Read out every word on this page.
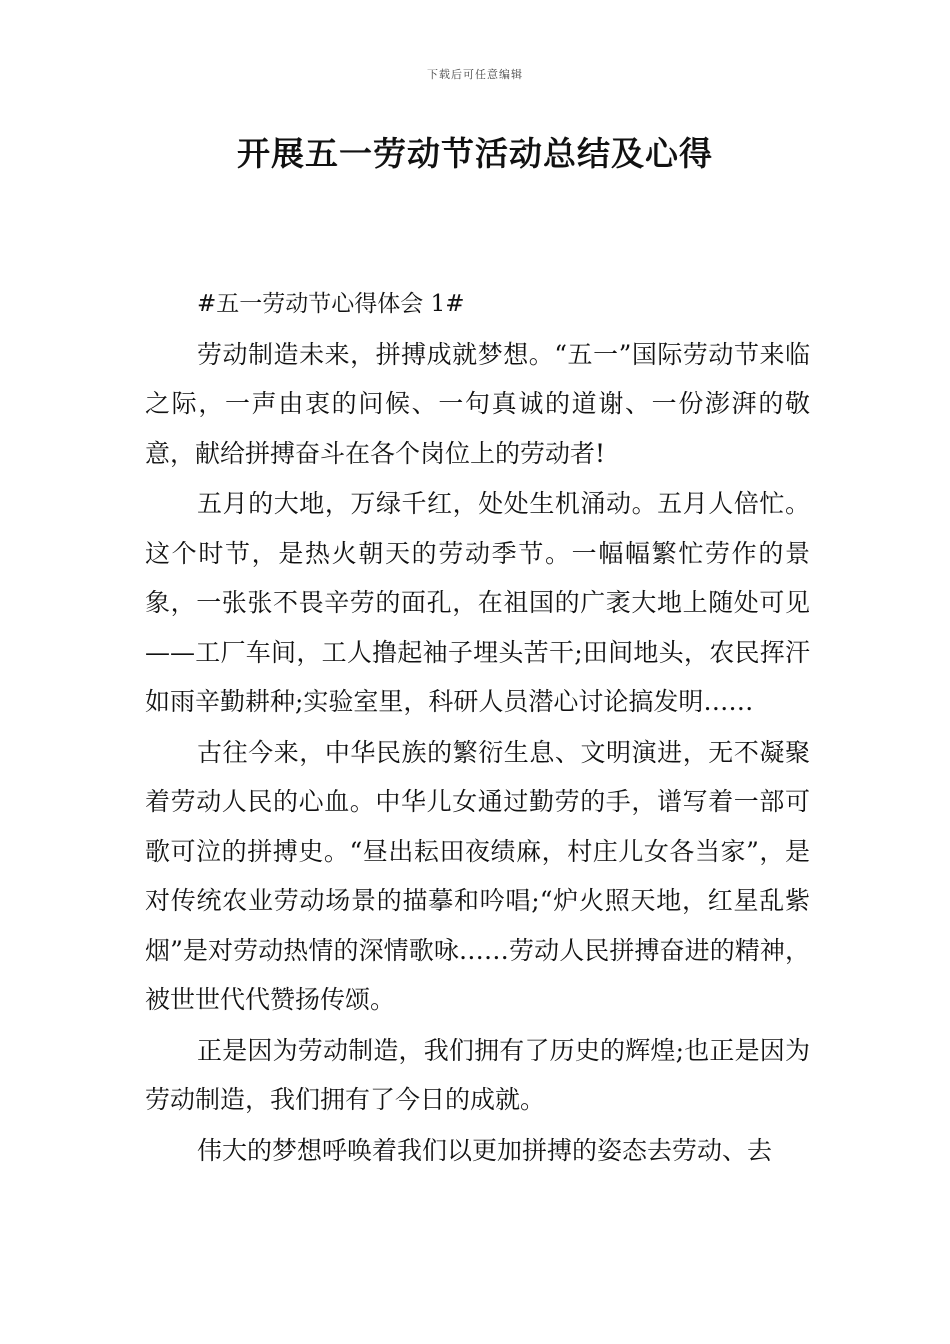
下载后可任意编辑
开展五一劳动节活动总结及心得

#五一劳动节心得体会 1#

劳动制造未来，拼搏成就梦想。“五一”国际劳动节来临之际，一声由衷的问候、一句真诚的道谢、一份澎湃的敬意，献给拼搏奋斗在各个岗位上的劳动者!

五月的大地，万绿千红，处处生机涌动。五月人倍忙。这个时节，是热火朝天的劳动季节。一幅幅繁忙劳作的景象，一张张不畏辛劳的面孔，在祖国的广袤大地上随处可见——工厂车间，工人撸起袖子埋头苦干;田间地头，农民挥汗如雨辛勤耕种;实验室里，科研人员潜心讨论搞发明……

古往今来，中华民族的繁衍生息、文明演进，无不凝聚着劳动人民的心血。中华儿女通过勤劳的手，谱写着一部可歌可泣的拼搏史。“昼出耘田夜绩麻，村庄儿女各当家”，是对传统农业劳动场景的描摹和吟唱;“炉火照天地，红星乱紫烟”是对劳动热情的深情歌咏……劳动人民拼搏奋进的精神，被世世代代赞扬传颂。

正是因为劳动制造，我们拥有了历史的辉煌;也正是因为劳动制造，我们拥有了今日的成就。

伟大的梦想呼唤着我们以更加拼搏的姿态去劳动、去
